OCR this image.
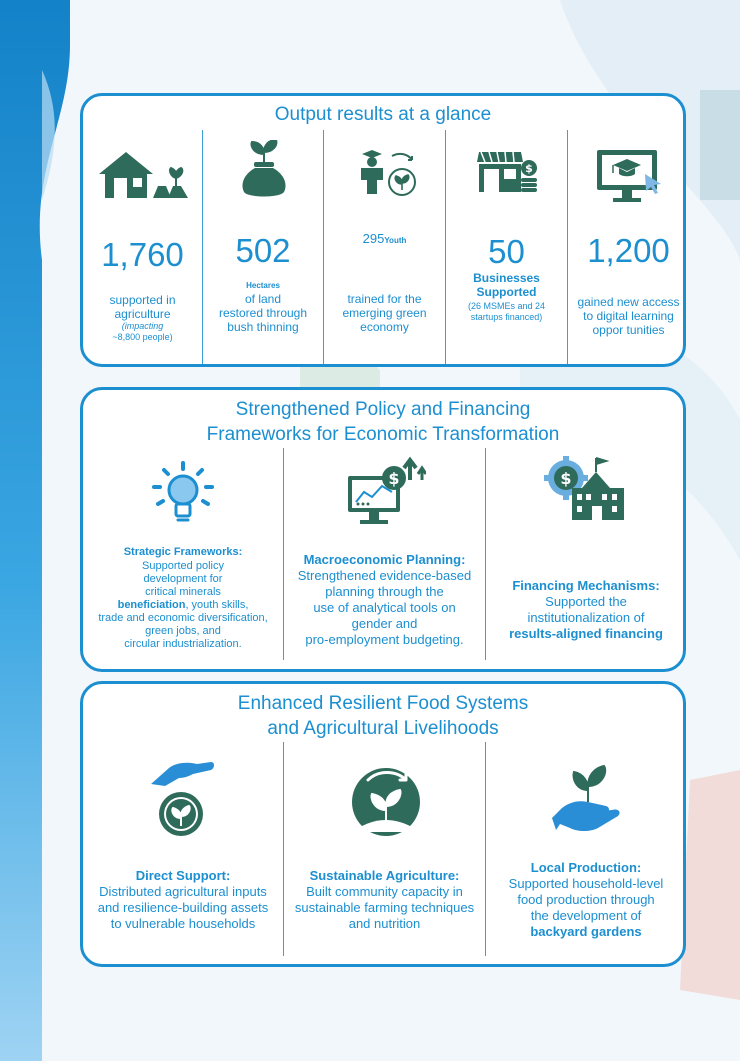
Output results at a glance
1,760
supported in
agriculture
(impacting
~8,800 people)
502
Hectares
of land
restored through
bush thinning
295Youth
trained for the
emerging green
economy
$
50
Businesses
Supported
(26 MSMEs and 24
startups financed)
1,200
gained new access
to digital learning
oppor tunities
Strengthened Policy and Financing
Frameworks for Economic Transformation
Strategic Frameworks:
Supported policy
development for
critical minerals
beneficiation, youth skills,
trade and economic diversification,
green jobs, and
circular industrialization.
$
Macroeconomic Planning:
Strengthened evidence-based
planning through the
use of analytical tools on
gender and
pro-employment budgeting.
$
Financing Mechanisms:
Supported the
institutionalization of
results-aligned financing
Enhanced Resilient Food Systems
and Agricultural Livelihoods
Direct Support:
Distributed agricultural inputs
and resilience-building assets
to vulnerable households
Sustainable Agriculture:
Built community capacity in
sustainable farming techniques
and nutrition
Local Production:
Supported household-level
food production through
the development of
backyard gardens
